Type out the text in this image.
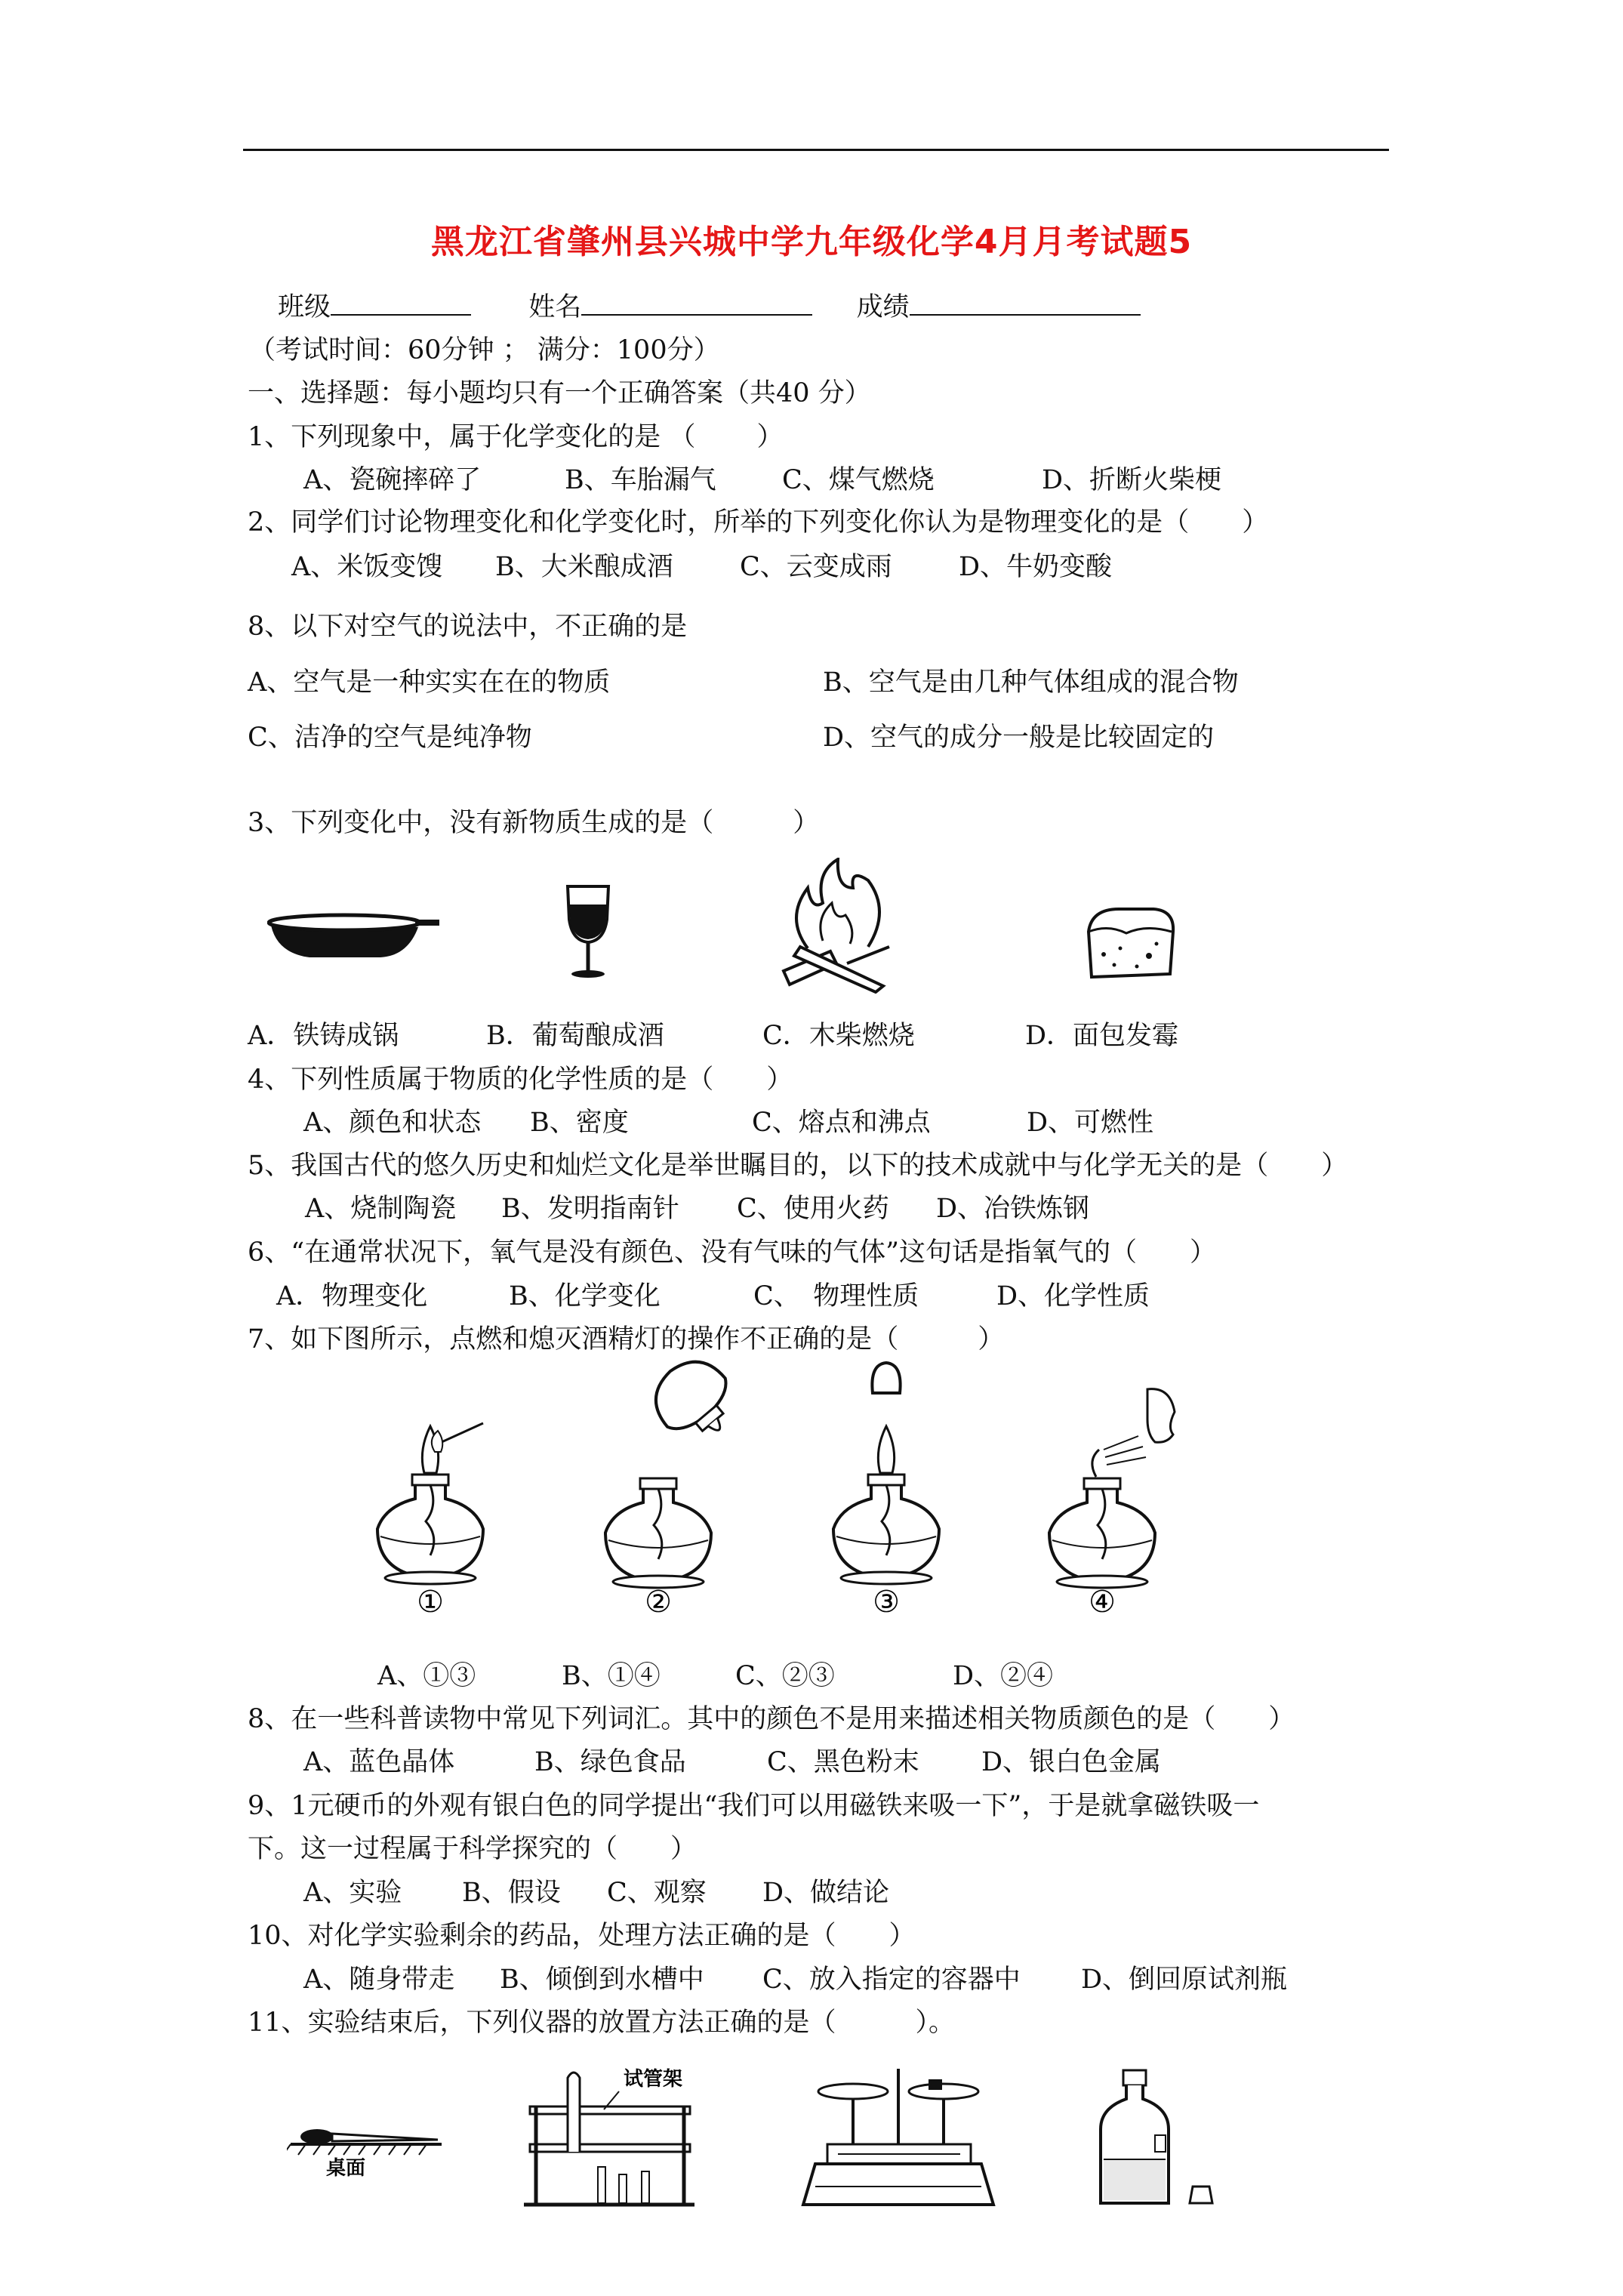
黑龙江省肇州县兴城中学九年级化学4月月考试题5
班级	姓名	成绩
（考试时间：60分钟 ； 满分：100分）
一、选择题：每小题均只有一个正确答案（共40 分）
1、下列现象中，属于化学变化的是 （　　 ）
A、瓷碗摔碎了	B、车胎漏气 C、煤气燃烧	D、折断火柴梗
2、同学们讨论物理变化和化学变化时，所举的下列变化你认为是物理变化的是（　　）
A、米饭变馊 B、大米酿成酒	C、云变成雨	D、牛奶变酸
8、以下对空气的说法中，不正确的是
A、空气是一种实实在在的物质	B、空气是由几种气体组成的混合物
C、洁净的空气是纯净物	D、空气的成分一般是比较固定的
3、下列变化中，没有新物质生成的是（　　　）
A．铁铸成锅	B．葡萄酿成酒	C．木柴燃烧	D．面包发霉
4、下列性质属于物质的化学性质的是（　　）
A、颜色和状态 B、密度	C、熔点和沸点	D、可燃性
5、我国古代的悠久历史和灿烂文化是举世瞩目的，以下的技术成就中与化学无关的是（　　）
A、烧制陶瓷 B、发明指南针 C、使用火药 D、冶铁炼钢
6、“在通常状况下，氧气是没有颜色、没有气味的气体”这句话是指氧气的（　　）
A．物理变化	B、化学变化	C、　物理性质	D、化学性质
7、如下图所示，点燃和熄灭酒精灯的操作不正确的是（　　　）
①	②	③	④
A、①③	B、①④	C、②③	D、②④
8、在一些科普读物中常见下列词汇。其中的颜色不是用来描述相关物质颜色的是（　　）
A、蓝色晶体	B、绿色食品	C、黑色粉末 D、银白色金属
9、1元硬币的外观有银白色的同学提出“我们可以用磁铁来吸一下”，于是就拿磁铁吸一
下。这一过程属于科学探究的（　　）
A、实验 B、假设 C、观察 D、做结论
10、对化学实验剩余的药品，处理方法正确的是（　　）
A、随身带走 B、倾倒到水槽中 C、放入指定的容器中 D、倒回原试剂瓶
11、实验结束后，下列仪器的放置方法正确的是（　　　）。
桌面
试管架
